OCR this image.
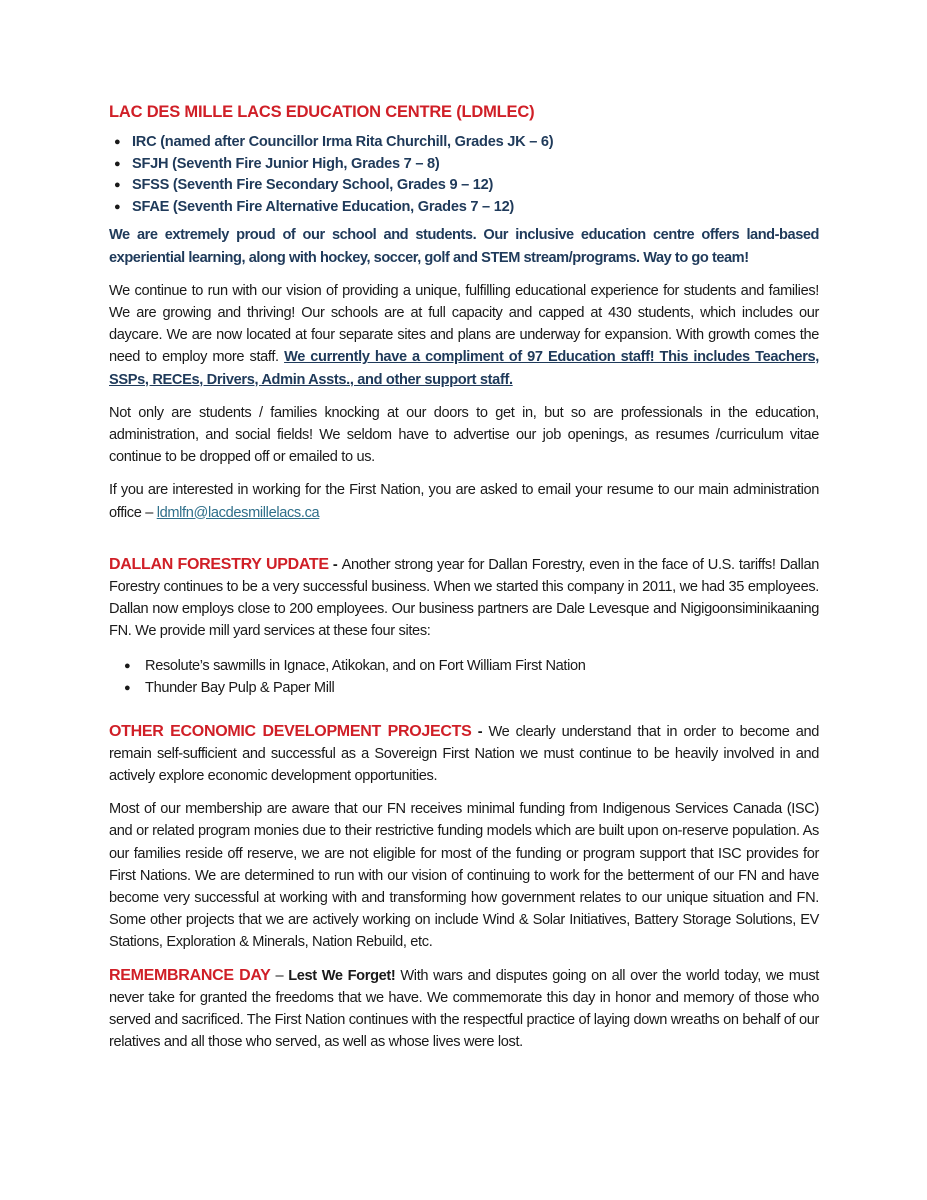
LAC DES MILLE LACS EDUCATION CENTRE (LDMLEC)
● IRC (named after Councillor Irma Rita Churchill, Grades JK – 6)
● SFJH (Seventh Fire Junior High, Grades 7 – 8)
● SFSS (Seventh Fire Secondary School, Grades 9 – 12)
● SFAE (Seventh Fire Alternative Education, Grades 7 – 12)

We are extremely proud of our school and students. Our inclusive education centre offers land-based experiential learning, along with hockey, soccer, golf and STEM stream/programs. Way to go team!

We continue to run with our vision of providing a unique, fulfilling educational experience for students and families! We are growing and thriving! Our schools are at full capacity and capped at 430 students, which includes our daycare. We are now located at four separate sites and plans are underway for expansion. With growth comes the need to employ more staff. We currently have a compliment of 97 Education staff! This includes Teachers, SSPs, RECEs, Drivers, Admin Assts., and other support staff.

Not only are students / families knocking at our doors to get in, but so are professionals in the education, administration, and social fields! We seldom have to advertise our job openings, as resumes /curriculum vitae continue to be dropped off or emailed to us.

If you are interested in working for the First Nation, you are asked to email your resume to our main administration office – ldmlfn@lacdesmillelacs.ca

DALLAN FORESTRY UPDATE - Another strong year for Dallan Forestry, even in the face of U.S. tariffs! Dallan Forestry continues to be a very successful business. When we started this company in 2011, we had 35 employees. Dallan now employs close to 200 employees. Our business partners are Dale Levesque and Nigigoonsiminikaaning FN. We provide mill yard services at these four sites:

● Resolute’s sawmills in Ignace, Atikokan, and on Fort William First Nation
● Thunder Bay Pulp & Paper Mill

OTHER ECONOMIC DEVELOPMENT PROJECTS - We clearly understand that in order to become and remain self-sufficient and successful as a Sovereign First Nation we must continue to be heavily involved in and actively explore economic development opportunities.

Most of our membership are aware that our FN receives minimal funding from Indigenous Services Canada (ISC) and or related program monies due to their restrictive funding models which are built upon on-reserve population. As our families reside off reserve, we are not eligible for most of the funding or program support that ISC provides for First Nations. We are determined to run with our vision of continuing to work for the betterment of our FN and have become very successful at working with and transforming how government relates to our unique situation and FN. Some other projects that we are actively working on include Wind & Solar Initiatives, Battery Storage Solutions, EV Stations, Exploration & Minerals, Nation Rebuild, etc.

REMEMBRANCE DAY – Lest We Forget! With wars and disputes going on all over the world today, we must never take for granted the freedoms that we have. We commemorate this day in honor and memory of those who served and sacrificed. The First Nation continues with the respectful practice of laying down wreaths on behalf of our relatives and all those who served, as well as whose lives were lost.
